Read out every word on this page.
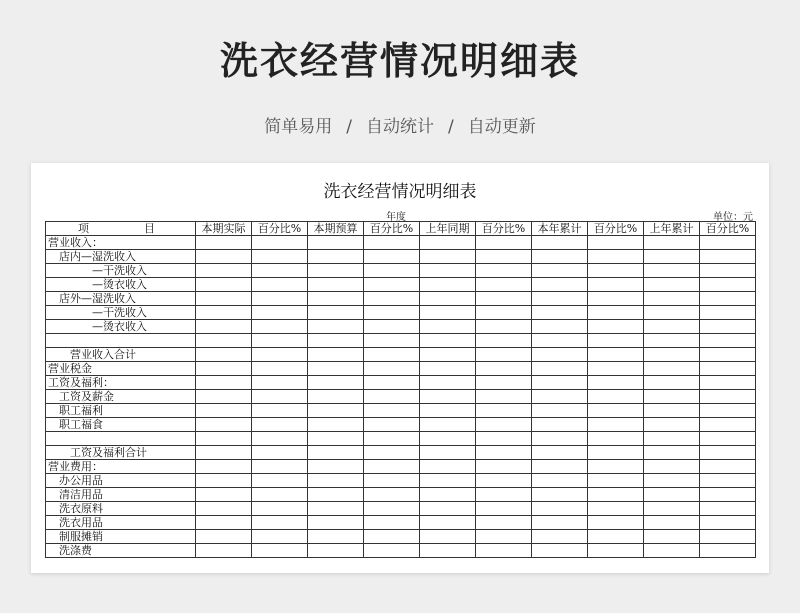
洗衣经营情况明细表
简单易用 / 自动统计 / 自动更新
洗衣经营情况明细表
年度	单位：元
项 目	本期实际	百分比%	本期预算	百分比%	上年同期	百分比%	本年累计	百分比%	上年累计	百分比%
营业收入：										
　店内—湿洗收入										
　　　　—干洗收入										
　　　　—烫衣收入										
　店外—湿洗收入										
　　　　—干洗收入										
　　　　—烫衣收入										

　　营业收入合计										
营业税金										
工资及福利：										
　工资及薪金										
　职工福利										
　职工福食										

　　工资及福利合计										
营业费用：										
　办公用品										
　清洁用品										
　洗衣原料										
　洗衣用品										
　制服摊销										
　洗涤费										
